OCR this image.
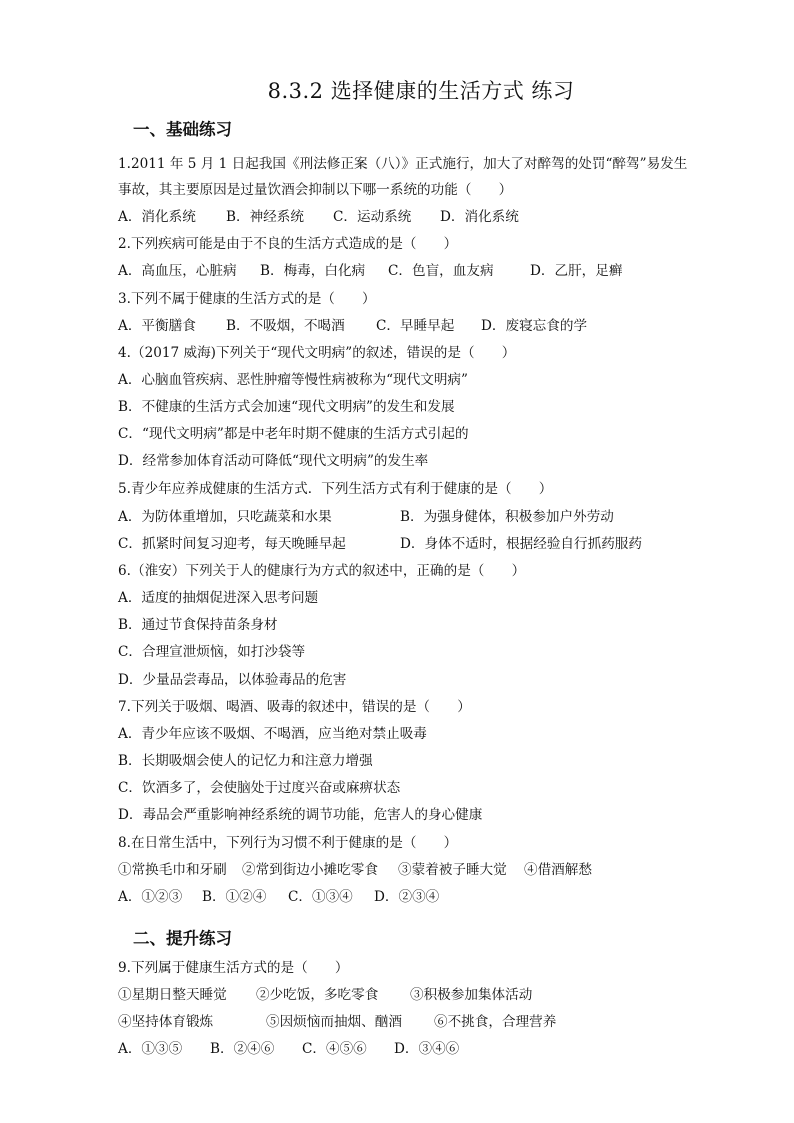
8.3.2 选择健康的生活方式 练习
一、基础练习
1.2011 年 5 月 1 日起我国《刑法修正案（八）》正式施行，加大了对醉驾的处罚“醉驾”易发生
事故，其主要原因是过量饮酒会抑制以下哪一系统的功能（　　）
A．消化系统 B．神经系统 C．运动系统 D．消化系统
2.下列疾病可能是由于不良的生活方式造成的是（　　）
A．高血压，心脏病 B．梅毒，白化病 C．色盲，血友病	D．乙肝，足癣
3.下列不属于健康的生活方式的是（　　）
A．平衡膳食 B．不吸烟，不喝酒 C．早睡早起 D．废寝忘食的学
4.（2017 威海)下列关于“现代文明病”的叙述，错误的是（　　）
A．心脑血管疾病、恶性肿瘤等慢性病被称为“现代文明病”
B．不健康的生活方式会加速“现代文明病”的发生和发展
C．“现代文明病”都是中老年时期不健康的生活方式引起的
D．经常参加体育活动可降低“现代文明病”的发生率
5.青少年应养成健康的生活方式．下列生活方式有利于健康的是（　　）
A．为防体重增加，只吃蔬菜和水果	B．为强身健体，积极参加户外劳动
C．抓紧时间复习迎考，每天晚睡早起	D．身体不适时，根据经验自行抓药服药
6.（淮安）下列关于人的健康行为方式的叙述中，正确的是（　　）
A．适度的抽烟促进深入思考问题
B．通过节食保持苗条身材
C．合理宣泄烦恼，如打沙袋等
D．少量品尝毒品，以体验毒品的危害
7.下列关于吸烟、喝酒、吸毒的叙述中，错误的是（　　）
A．青少年应该不吸烟、不喝酒，应当绝对禁止吸毒
B．长期吸烟会使人的记忆力和注意力增强
C．饮酒多了，会使脑处于过度兴奋或麻痹状态
D．毒品会严重影响神经系统的调节功能，危害人的身心健康
8.在日常生活中，下列行为习惯不利于健康的是（　　）
①常换毛巾和牙刷 ②常到街边小摊吃零食 ③蒙着被子睡大觉 ④借酒解愁
A．①②③ B．①②④ C．①③④ D．②③④
二、提升练习
9.下列属于健康生活方式的是（　　）
①星期日整天睡觉 ②少吃饭，多吃零食 ③积极参加集体活动
④坚持体育锻炼	⑤因烦恼而抽烟、酗酒 ⑥不挑食，合理营养
A．①③⑤ B．②④⑥ C．④⑤⑥ D．③④⑥
